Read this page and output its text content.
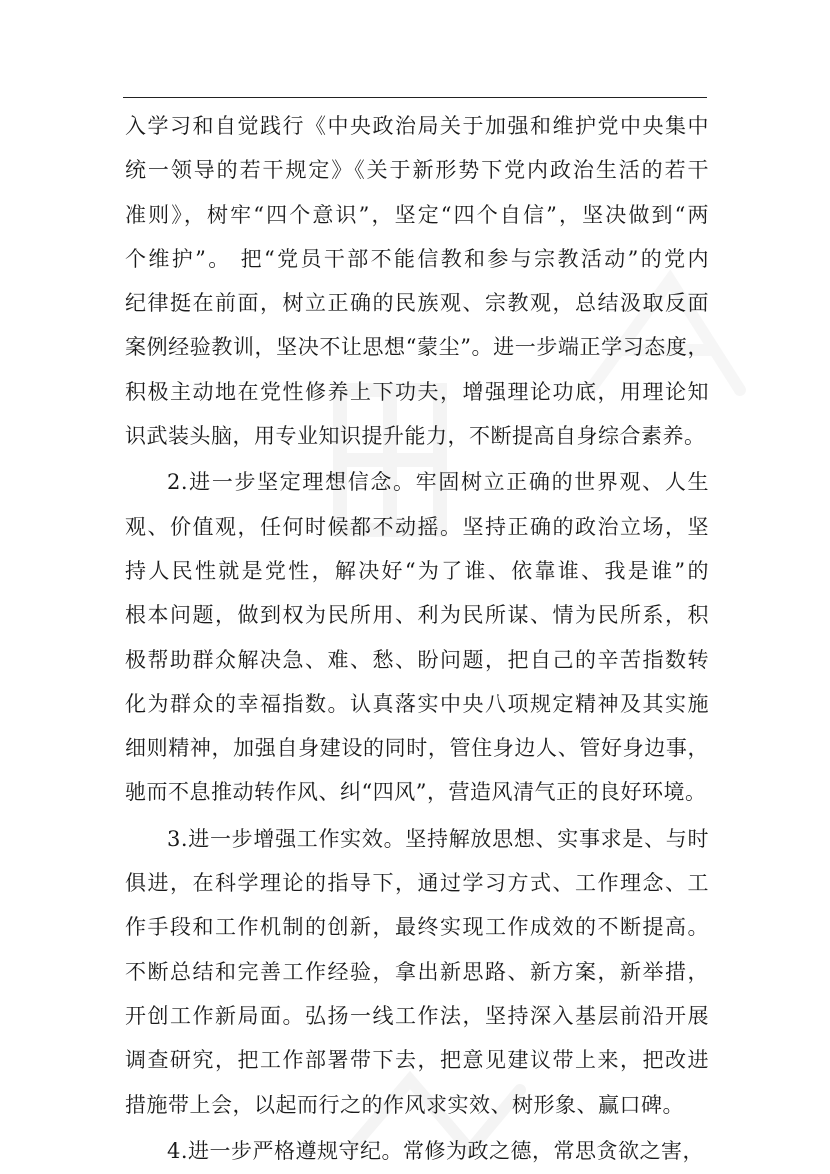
入学习和自觉践行《中央政治局关于加强和维护党中央集中
统一领导的若干规定》《关于新形势下党内政治生活的若干
准则》，树牢“四个意识”，坚定“四个自信”，坚决做到“两
个维护”。 把“党员干部不能信教和参与宗教活动”的党内
纪律挺在前面，树立正确的民族观、宗教观，总结汲取反面
案例经验教训，坚决不让思想“蒙尘”。进一步端正学习态度，
积极主动地在党性修养上下功夫，增强理论功底，用理论知
识武装头脑，用专业知识提升能力，不断提高自身综合素养。
2.进一步坚定理想信念。牢固树立正确的世界观、人生
观、价值观，任何时候都不动摇。坚持正确的政治立场，坚
持人民性就是党性，解决好“为了谁、依靠谁、我是谁”的
根本问题，做到权为民所用、利为民所谋、情为民所系，积
极帮助群众解决急、难、愁、盼问题，把自己的辛苦指数转
化为群众的幸福指数。认真落实中央八项规定精神及其实施
细则精神，加强自身建设的同时，管住身边人、管好身边事，
驰而不息推动转作风、纠“四风”，营造风清气正的良好环境。
3.进一步增强工作实效。坚持解放思想、实事求是、与时
俱进，在科学理论的指导下，通过学习方式、工作理念、工
作手段和工作机制的创新，最终实现工作成效的不断提高。
不断总结和完善工作经验，拿出新思路、新方案，新举措，
开创工作新局面。弘扬一线工作法，坚持深入基层前沿开展
调查研究，把工作部署带下去，把意见建议带上来，把改进
措施带上会，以起而行之的作风求实效、树形象、赢口碑。
4.进一步严格遵规守纪。常修为政之德，常思贪欲之害，
